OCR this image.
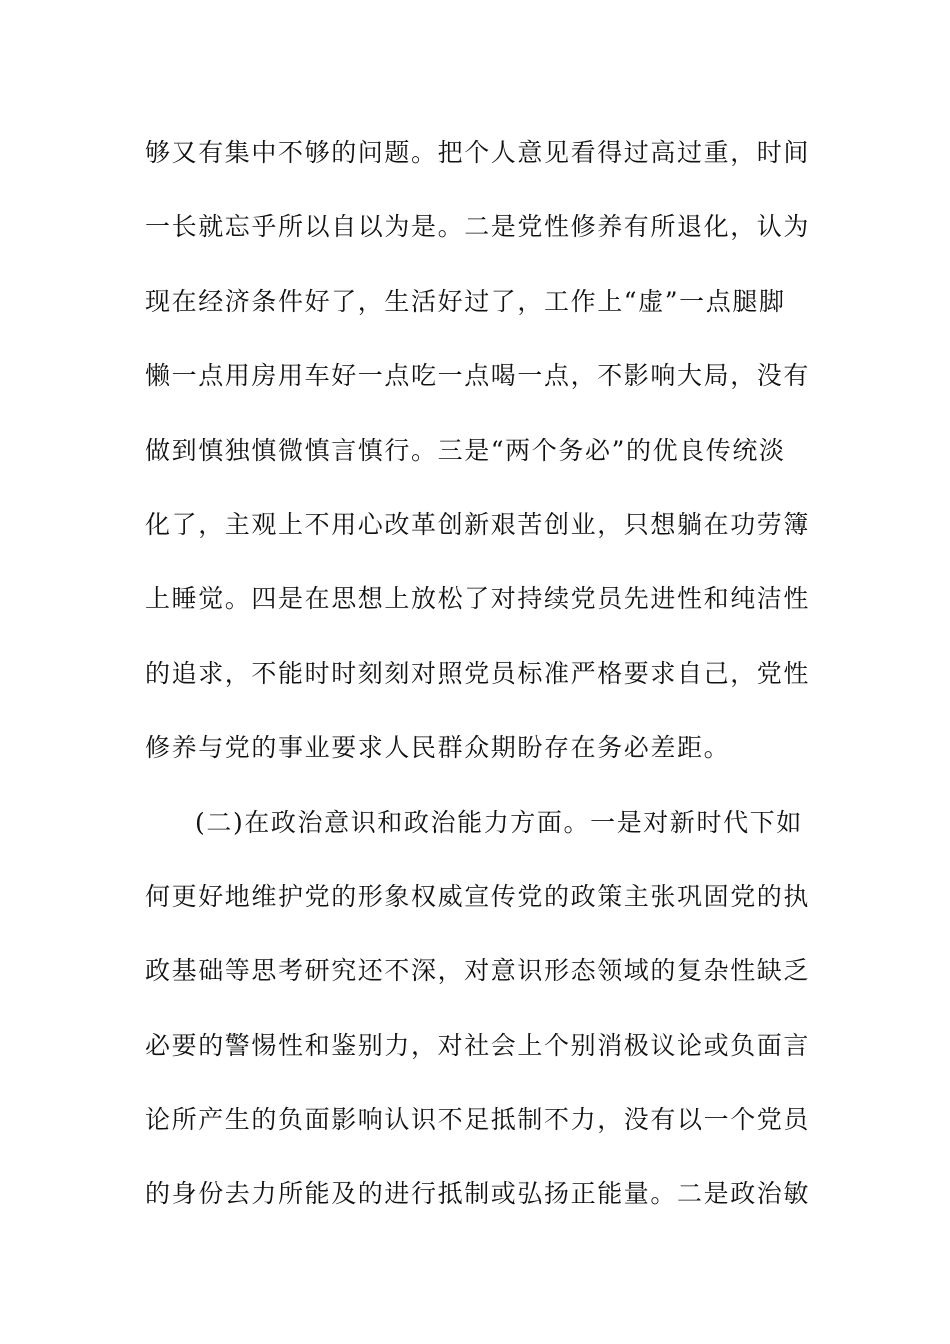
够又有集中不够的问题。把个人意见看得过高过重，时间
一长就忘乎所以自以为是。二是党性修养有所退化，认为
现在经济条件好了，生活好过了，工作上“虚”一点腿脚
懒一点用房用车好一点吃一点喝一点，不影响大局，没有
做到慎独慎微慎言慎行。三是“两个务必”的优良传统淡
化了，主观上不用心改革创新艰苦创业，只想躺在功劳簿
上睡觉。四是在思想上放松了对持续党员先进性和纯洁性
的追求，不能时时刻刻对照党员标准严格要求自己，党性
修养与党的事业要求人民群众期盼存在务必差距。
(二)在政治意识和政治能力方面。一是对新时代下如
何更好地维护党的形象权威宣传党的政策主张巩固党的执
政基础等思考研究还不深，对意识形态领域的复杂性缺乏
必要的警惕性和鉴别力，对社会上个别消极议论或负面言
论所产生的负面影响认识不足抵制不力，没有以一个党员
的身份去力所能及的进行抵制或弘扬正能量。二是政治敏
